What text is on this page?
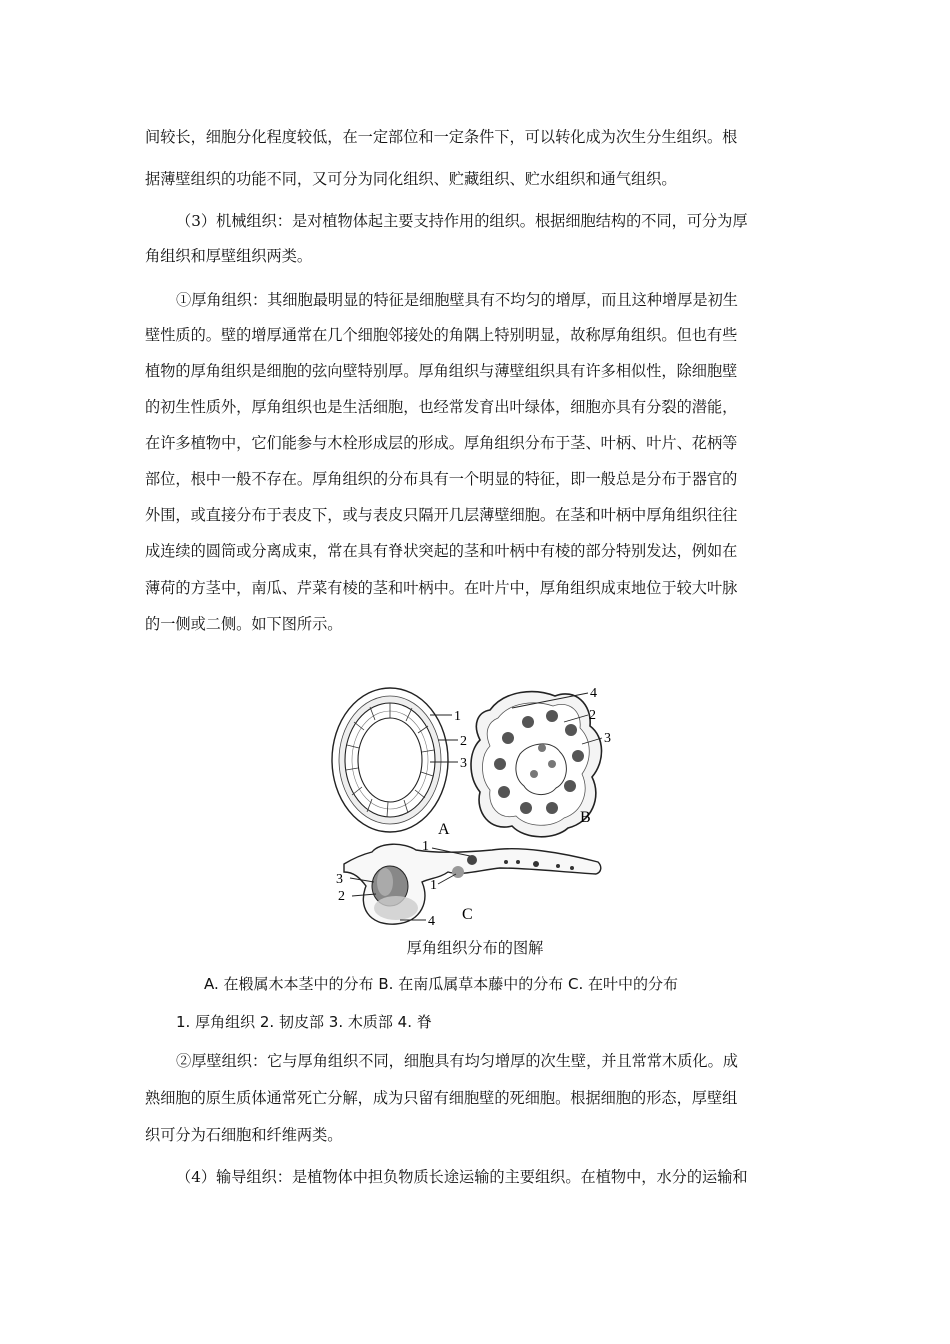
间较长，细胞分化程度较低，在一定部位和一定条件下，可以转化成为次生分生组织。根
据薄壁组织的功能不同，又可分为同化组织、贮藏组织、贮水组织和通气组织。
（3）机械组织：是对植物体起主要支持作用的组织。根据细胞结构的不同，可分为厚
角组织和厚壁组织两类。
①厚角组织：其细胞最明显的特征是细胞壁具有不均匀的增厚，而且这种增厚是初生
壁性质的。壁的增厚通常在几个细胞邻接处的角隅上特别明显，故称厚角组织。但也有些
植物的厚角组织是细胞的弦向壁特别厚。厚角组织与薄壁组织具有许多相似性，除细胞壁
的初生性质外，厚角组织也是生活细胞，也经常发育出叶绿体，细胞亦具有分裂的潜能，
在许多植物中，它们能参与木栓形成层的形成。厚角组织分布于茎、叶柄、叶片、花柄等
部位，根中一般不存在。厚角组织的分布具有一个明显的特征，即一般总是分布于器官的
外围，或直接分布于表皮下，或与表皮只隔开几层薄壁细胞。在茎和叶柄中厚角组织往往
成连续的圆筒或分离成束，常在具有脊状突起的茎和叶柄中有棱的部分特别发达，例如在
薄荷的方茎中，南瓜、芹菜有棱的茎和叶柄中。在叶片中，厚角组织成束地位于较大叶脉
的一侧或二侧。如下图所示。
1
2
3
A
4
2
3
B
1
1
3
2
4 C
厚角组织分布的图解
A. 在椴属木本茎中的分布 B. 在南瓜属草本藤中的分布 C. 在叶中的分布
1. 厚角组织 2. 韧皮部 3. 木质部 4. 脊
②厚壁组织：它与厚角组织不同，细胞具有均匀增厚的次生壁，并且常常木质化。成
熟细胞的原生质体通常死亡分解，成为只留有细胞壁的死细胞。根据细胞的形态，厚壁组
织可分为石细胞和纤维两类。
（4）输导组织：是植物体中担负物质长途运输的主要组织。在植物中，水分的运输和
